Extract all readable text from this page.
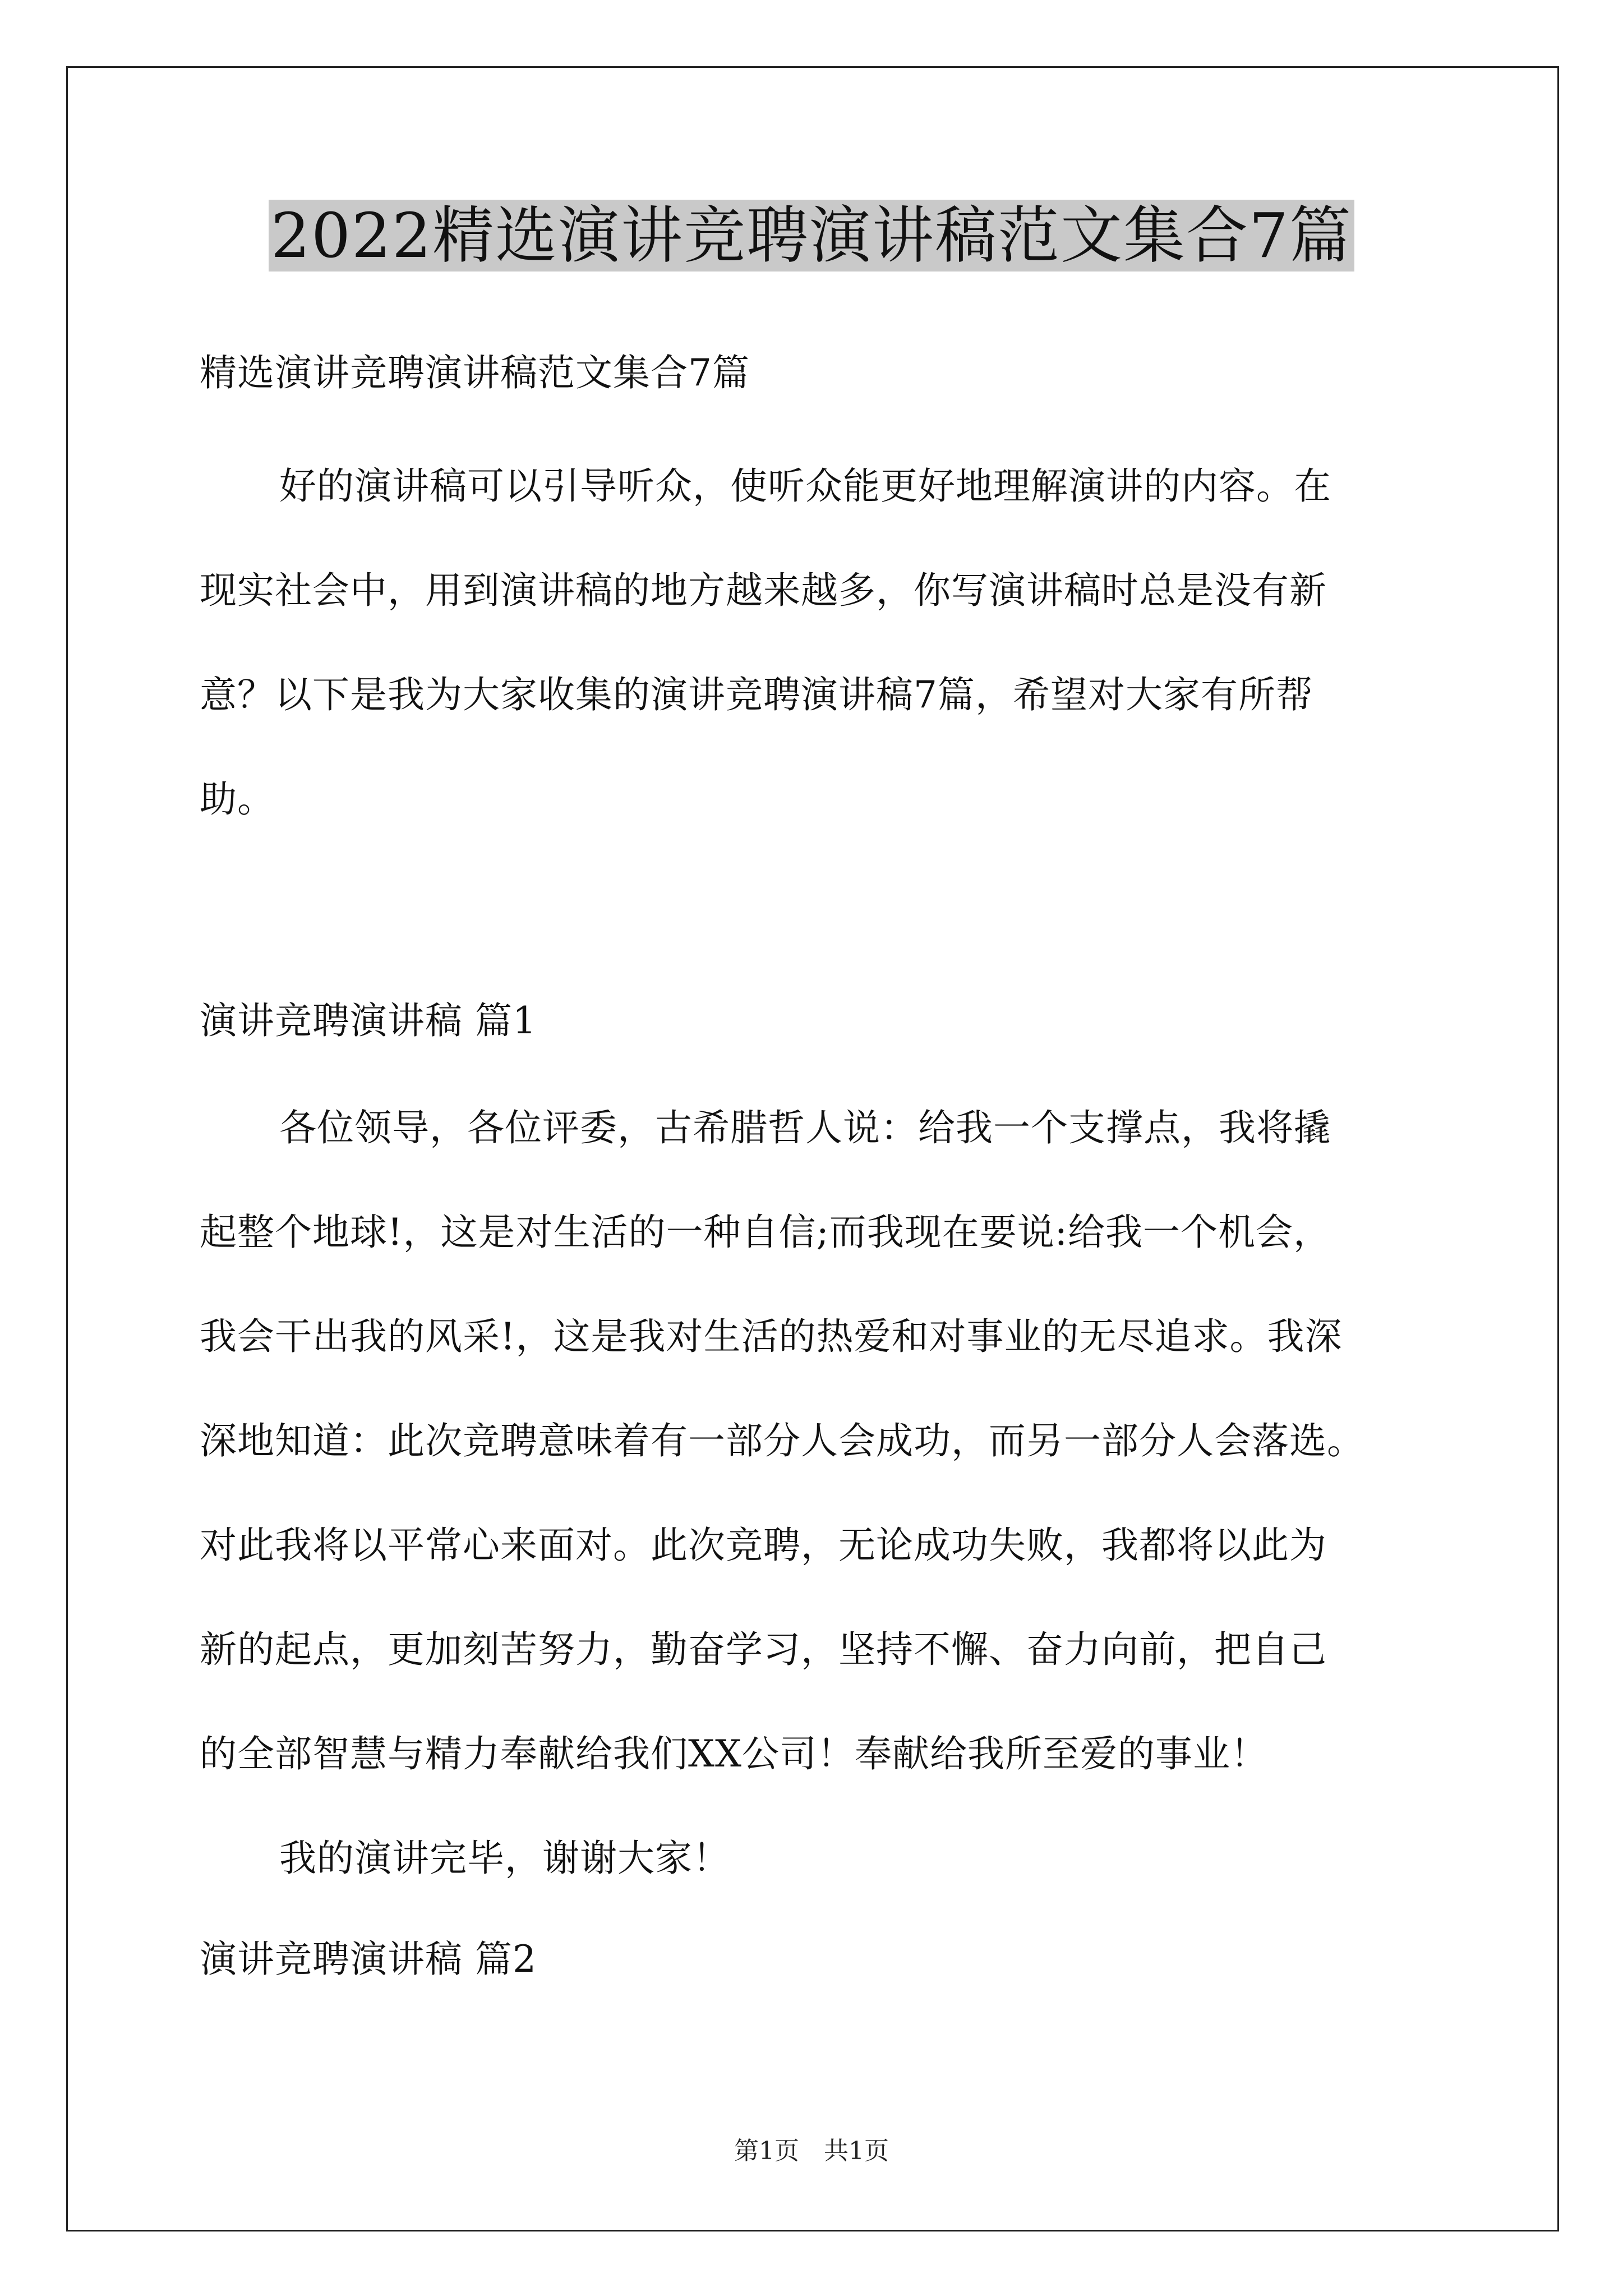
2022精选演讲竞聘演讲稿范文集合7篇
精选演讲竞聘演讲稿范文集合7篇
好的演讲稿可以引导听众，使听众能更好地理解演讲的内容。在
现实社会中，用到演讲稿的地方越来越多，你写演讲稿时总是没有新
意？以下是我为大家收集的演讲竞聘演讲稿7篇，希望对大家有所帮
助。
演讲竞聘演讲稿 篇1
各位领导，各位评委，古希腊哲人说：给我一个支撑点，我将撬
起整个地球!，这是对生活的一种自信;而我现在要说:给我一个机会，
我会干出我的风采!，这是我对生活的热爱和对事业的无尽追求。我深
深地知道：此次竞聘意味着有一部分人会成功，而另一部分人会落选。
对此我将以平常心来面对。此次竞聘，无论成功失败，我都将以此为
新的起点，更加刻苦努力，勤奋学习，坚持不懈、奋力向前，把自己
的全部智慧与精力奉献给我们XX公司！奉献给我所至爱的事业！
我的演讲完毕，谢谢大家！
演讲竞聘演讲稿 篇2
第1页　共1页
